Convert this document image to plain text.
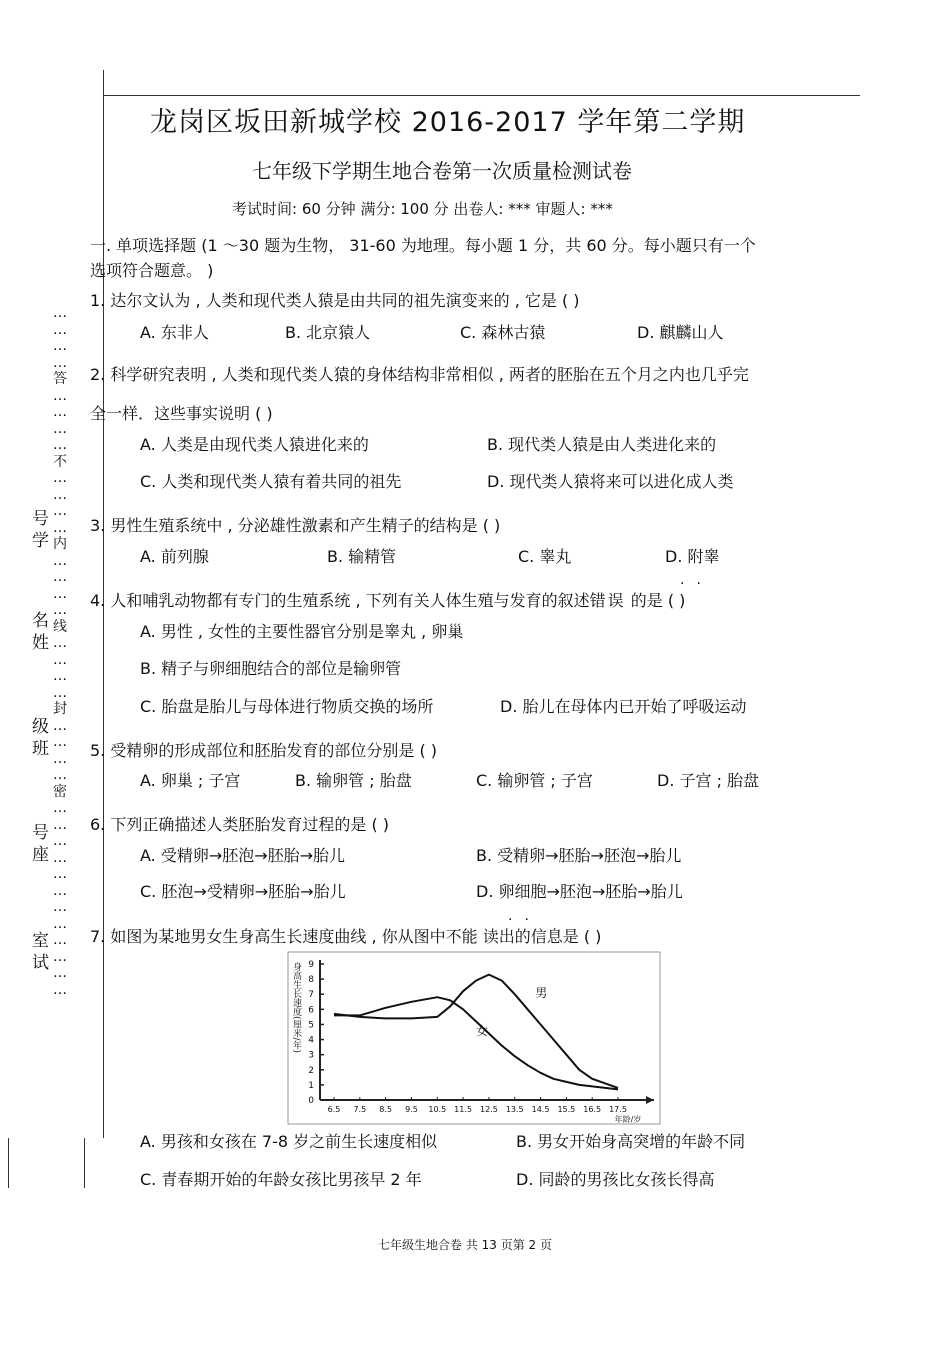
…
…
…
…
答
…
…
…
…
不
…
…
…
…
内
…
…
…
…
线
…
…
…
…
封
…
…
…
…
密
…
…
…
…
…
…
…
…
…
…
…
…
号
学
名
姓
级
班
号
座
室
试
龙岗区坂田新城学校 2016-2017 学年第二学期
七年级下学期生地合卷第一次质量检测试卷
考试时间: 60 分钟 满分: 100 分 出卷人: *** 审题人: ***
一. 单项选择题 (1 ～30 题为生物， 31-60 为地理。每小题 1 分，共 60 分。每小题只有一个
选项符合题意。 )
1. 达尔文认为 , 人类和现代类人猿是由共同的祖先演变来的 , 它是 ( )
A. 东非人	B. 北京猿人	C. 森林古猿	D. 麒麟山人
2. 科学研究表明 , 人类和现代类人猿的身体结构非常相似 , 两者的胚胎在五个月之内也几乎完
全一样．这些事实说明 ( )
A. 人类是由现代类人猿进化来的	B. 现代类人猿是由人类进化来的
C. 人类和现代类人猿有着共同的祖先	D. 现代类人猿将来可以进化成人类
3. 男性生殖系统中 , 分泌雄性激素和产生精子的结构是 ( )
A. 前列腺	B. 输精管	C. 睾丸	D. 附睾
4. 人和哺乳动物都有专门的生殖系统 , 下列有关人体生殖与发育的叙述错误 的是 ( )
··
A. 男性 , 女性的主要性器官分别是睾丸 , 卵巢
B. 精子与卵细胞结合的部位是输卵管
C. 胎盘是胎儿与母体进行物质交换的场所	D. 胎儿在母体内已开始了呼吸运动
5. 受精卵的形成部位和胚胎发育的部位分别是 ( )
A. 卵巢 ; 子宫	B. 输卵管 ; 胎盘	C. 输卵管 ; 子宫	D. 子宫 ; 胎盘
6. 下列正确描述人类胚胎发育过程的是 ( )
A. 受精卵→胚泡→胚胎→胎儿	B. 受精卵→胚胎→胚泡→胎儿
C. 胚泡→受精卵→胚胎→胎儿	D. 卵细胞→胚泡→胚胎→胎儿
7. 如图为某地男女生身高生长速度曲线 , 你从图中不能 读出的信息是 ( )
··
0
1
2
3
4
5
6
7
8
9
6.5 7.5 8.5 9.5 10.5 11.5 12.5 13.5 14.5 15.5 16.5 17.5
年龄/岁
身高生长速度(厘米/年)	男
女
A. 男孩和女孩在 7-8 岁之前生长速度相似	B. 男女开始身高突增的年龄不同
C. 青春期开始的年龄女孩比男孩早 2 年	D. 同龄的男孩比女孩长得高
七年级生地合卷 共 13 页第 2 页
